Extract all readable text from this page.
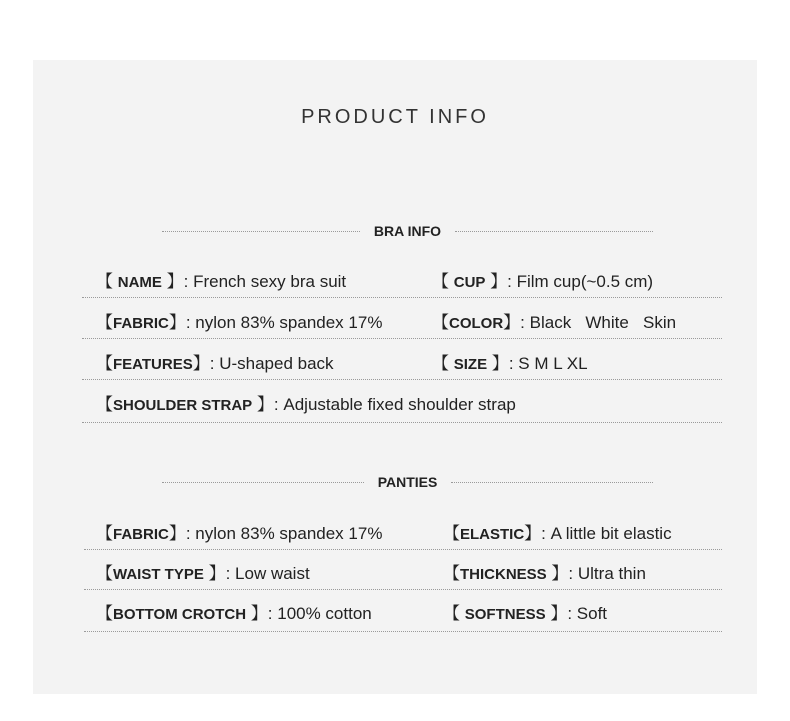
PRODUCT INFO
BRA INFO
【 NAME 】: French sexy bra suit	【 CUP 】: Film cup(~0.5 cm)
【FABRIC】: nylon 83% spandex 17%	【COLOR】: Black   White   Skin
【FEATURES】: U-shaped back	【 SIZE 】: S M L XL
【SHOULDER STRAP 】: Adjustable fixed shoulder strap
PANTIES
【FABRIC】: nylon 83% spandex 17%	【ELASTIC】: A little bit elastic
【WAIST TYPE 】: Low waist	【THICKNESS 】: Ultra thin
【BOTTOM CROTCH 】: 100% cotton	【 SOFTNESS 】: Soft
